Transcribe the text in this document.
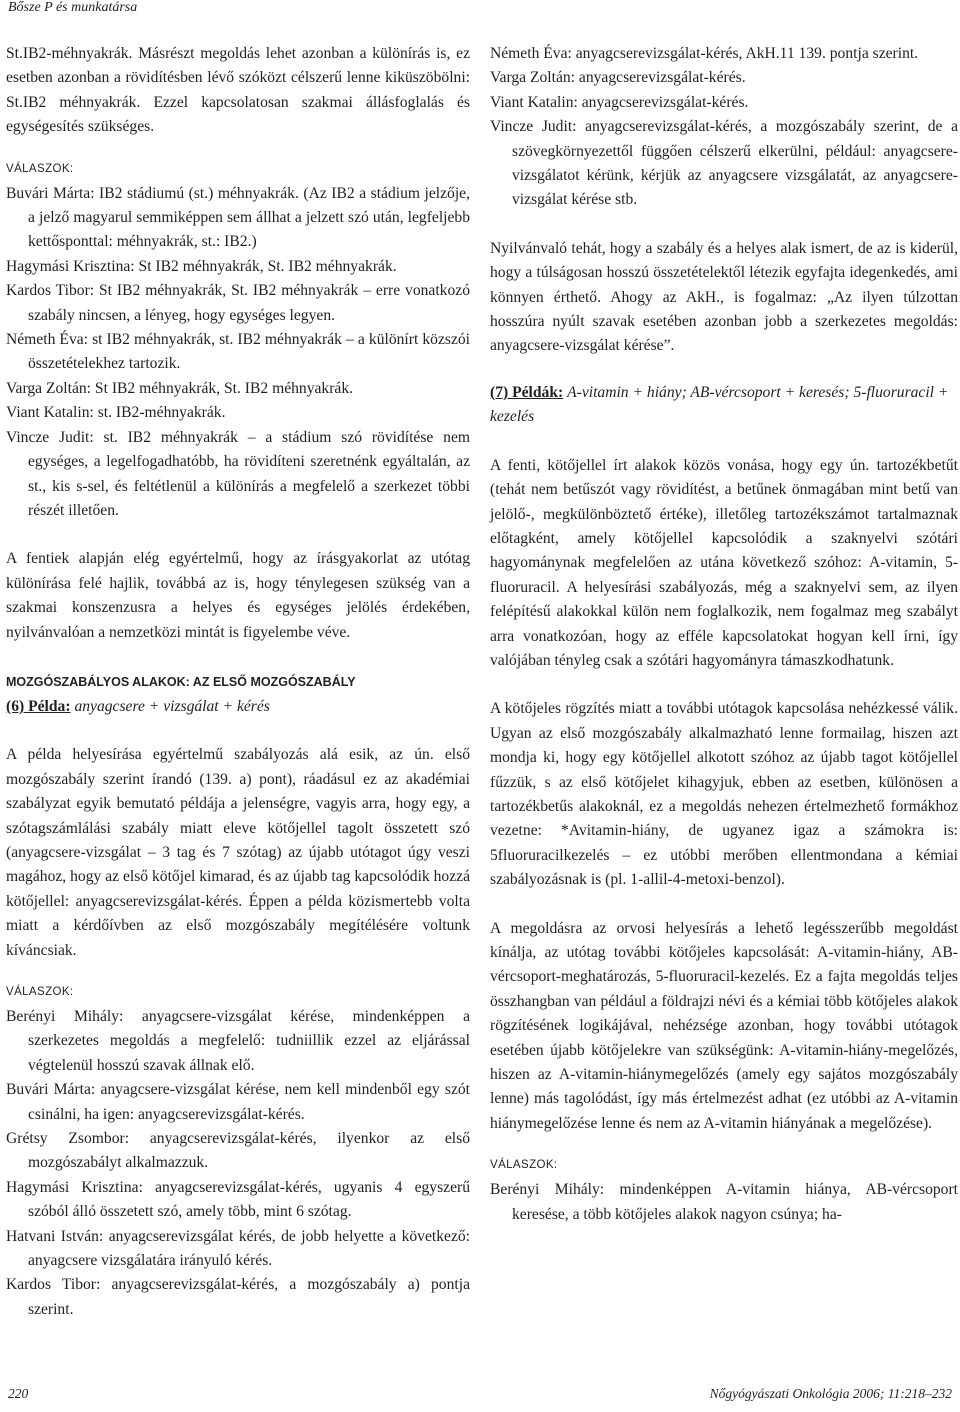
Bősze P és munkatársa

St.IB2-méhnyakrák. Másrészt megoldás lehet azonban a különírás is, ez esetben azonban a rövidítésben lévő szóközt célszerű lenne kiküszöbölni: St.IB2 méhnyakrák. Ezzel kapcsolatosan szakmai állásfoglalás és egységesítés szükséges.

VÁLASZOK:

Buvári Márta: IB2 stádiumú (st.) méhnyakrák. (Az IB2 a stádium jelzője, a jelző magyarul semmiképpen sem állhat a jelzett szó után, legfeljebb kettősponttal: méhnyakrák, st.: IB2.)

Hagymási Krisztina: St IB2 méhnyakrák, St. IB2 méhnyakrák.

Kardos Tibor: St IB2 méhnyakrák, St. IB2 méhnyakrák – erre vonatkozó szabály nincsen, a lényeg, hogy egységes legyen.

Németh Éva: st IB2 méhnyakrák, st. IB2 méhnyakrák – a különírt közszói összetételekhez tartozik.

Varga Zoltán: St IB2 méhnyakrák, St. IB2 méhnyakrák.

Viant Katalin: st. IB2-méhnyakrák.

Vincze Judit: st. IB2 méhnyakrák – a stádium szó rövidítése nem egységes, a legelfogadhatóbb, ha rövidíteni szeretnénk egyáltalán, az st., kis s-sel, és feltétlenül a különírás a megfelelő a szerkezet többi részét illetően.

A fentiek alapján elég egyértelmű, hogy az írásgyakorlat az utótag különírása felé hajlik, továbbá az is, hogy ténylegesen szükség van a szakmai konszenzusra a helyes és egységes jelölés érdekében, nyilvánvalóan a nemzetközi mintát is figyelembe véve.

MOZGÓSZABÁLYOS ALAKOK: AZ ELSŐ MOZGÓSZABÁLY
(6) Példa: anyagcsere + vizsgálat + kérés

A példa helyesírása egyértelmű szabályozás alá esik, az ún. első mozgószabály szerint írandó (139. a) pont), ráadásul ez az akadémiai szabályzat egyik bemutató példája a jelenségre, vagyis arra, hogy egy, a szótagszámlálási szabály miatt eleve kötőjellel tagolt összetett szó (anyagcsere-vizsgálat – 3 tag és 7 szótag) az újabb utótagot úgy veszi magához, hogy az első kötőjel kimarad, és az újabb tag kapcsolódik hozzá kötőjellel: anyagcserevizsgálat-kérés. Éppen a példa közismertebb volta miatt a kérdőívben az első mozgószabály megítélésére voltunk kíváncsiak.

VÁLASZOK:

Berényi Mihály: anyagcsere-vizsgálat kérése, mindenképpen a szerkezetes megoldás a megfelelő: tudniillik ezzel az eljárással végtelenül hosszú szavak állnak elő.

Buvári Márta: anyagcsere-vizsgálat kérése, nem kell mindenből egy szót csinálni, ha igen: anyagcserevizsgálat-kérés.

Grétsy Zsombor: anyagcserevizsgálat-kérés, ilyenkor az első mozgószabályt alkalmazzuk.

Hagymási Krisztina: anyagcserevizsgálat-kérés, ugyanis 4 egyszerű szóból álló összetett szó, amely több, mint 6 szótag.

Hatvani István: anyagcserevizsgálat kérés, de jobb helyette a következő: anyagcsere vizsgálatára irányuló kérés.

Kardos Tibor: anyagcserevizsgálat-kérés, a mozgószabály a) pontja szerint.

Németh Éva: anyagcserevizsgálat-kérés, AkH.11 139. pontja szerint.

Varga Zoltán: anyagcserevizsgálat-kérés.

Viant Katalin: anyagcserevizsgálat-kérés.

Vincze Judit: anyagcserevizsgálat-kérés, a mozgószabály szerint, de a szövegkörnyezettől függően célszerű elkerülni, például: anyagcsere-vizsgálatot kérünk, kérjük az anyagcsere vizsgálatát, az anyagcsere-vizsgálat kérése stb.

Nyilvánvaló tehát, hogy a szabály és a helyes alak ismert, de az is kiderül, hogy a túlságosan hosszú összetételektől létezik egyfajta idegenkedés, ami könnyen érthető. Ahogy az AkH., is fogalmaz: „Az ilyen túlzottan hosszúra nyúlt szavak esetében azonban jobb a szerkezetes megoldás: anyagcsere-vizsgálat kérése”.

(7) Példák: A-vitamin + hiány; AB-vércsoport + keresés; 5-fluoruracil + kezelés

A fenti, kötőjellel írt alakok közös vonása, hogy egy ún. tartozékbetűt (tehát nem betűszót vagy rövidítést, a betűnek önmagában mint betű van jelölő-, megkülönböztető értéke), illetőleg tartozékszámot tartalmaznak előtagként, amely kötőjellel kapcsolódik a szaknyelvi szótári hagyománynak megfelelően az utána következő szóhoz: A-vitamin, 5-fluoruracil. A helyesírási szabályozás, még a szaknyelvi sem, az ilyen felépítésű alakokkal külön nem foglalkozik, nem fogalmaz meg szabályt arra vonatkozóan, hogy az efféle kapcsolatokat hogyan kell írni, így valójában tényleg csak a szótári hagyományra támaszkodhatunk.

A kötőjeles rögzítés miatt a további utótagok kapcsolása nehézkessé válik. Ugyan az első mozgószabály alkalmazható lenne formailag, hiszen azt mondja ki, hogy egy kötőjellel alkotott szóhoz az újabb tagot kötőjellel fűzzük, s az első kötőjelet kihagyjuk, ebben az esetben, különösen a tartozékbetűs alakoknál, ez a megoldás nehezen értelmezhető formákhoz vezetne: *Avitamin-hiány, de ugyanez igaz a számokra is: 5fluoruracilkezelés – ez utóbbi merőben ellentmondana a kémiai szabályozásnak is (pl. 1-allil-4-metoxi-benzol).

A megoldásra az orvosi helyesírás a lehető legésszerűbb megoldást kínálja, az utótag további kötőjeles kapcsolását: A-vitamin-hiány, AB-vércsoport-meghatározás, 5-fluoruracil-kezelés. Ez a fajta megoldás teljes összhangban van például a földrajzi névi és a kémiai több kötőjeles alakok rögzítésének logikájával, nehézsége azonban, hogy további utótagok esetében újabb kötőjelekre van szükségünk: A-vitamin-hiány-megelőzés, hiszen az A-vitamin-hiánymegelőzés (amely egy sajátos mozgószabály lenne) más tagolódást, így más értelmezést adhat (ez utóbbi az A-vitamin hiánymegelőzése lenne és nem az A-vitamin hiányának a megelőzése).

VÁLASZOK:

Berényi Mihály: mindenképpen A-vitamin hiánya, AB-vércsoport keresése, a több kötőjeles alakok nagyon csúnya; ha-

220	Nőgyógyászati Onkológia 2006; 11:218–232
